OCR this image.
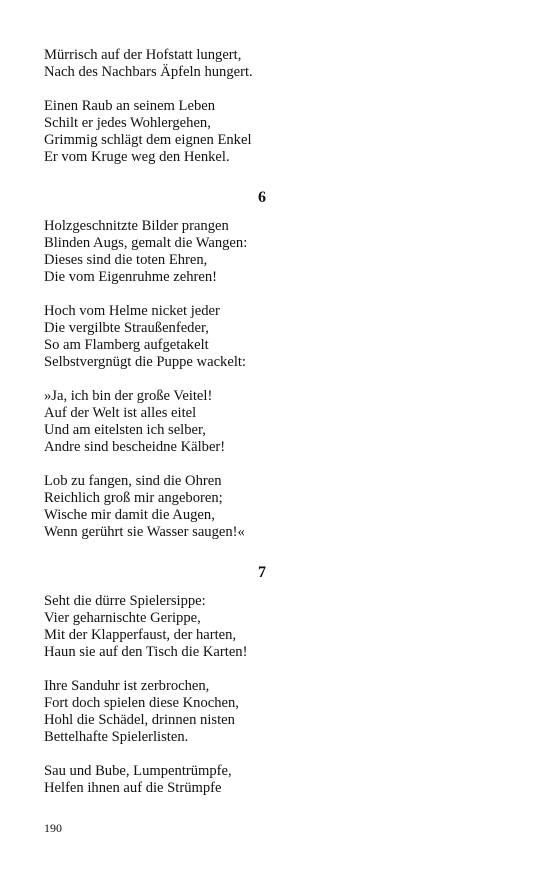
Mürrisch auf der Hofstatt lungert,
Nach des Nachbars Äpfeln hungert.
Einen Raub an seinem Leben
Schilt er jedes Wohlergehen,
Grimmig schlägt dem eignen Enkel
Er vom Kruge weg den Henkel.
6
Holzgeschnitzte Bilder prangen
Blinden Augs, gemalt die Wangen:
Dieses sind die toten Ehren,
Die vom Eigenruhme zehren!
Hoch vom Helme nicket jeder
Die vergilbte Straußenfeder,
So am Flamberg aufgetakelt
Selbstvergnügt die Puppe wackelt:
»Ja, ich bin der große Veitel!
Auf der Welt ist alles eitel
Und am eitelsten ich selber,
Andre sind bescheidne Kälber!
Lob zu fangen, sind die Ohren
Reichlich groß mir angeboren;
Wische mir damit die Augen,
Wenn gerührt sie Wasser saugen!«
7
Seht die dürre Spielersippe:
Vier geharnischte Gerippe,
Mit der Klapperfaust, der harten,
Haun sie auf den Tisch die Karten!
Ihre Sanduhr ist zerbrochen,
Fort doch spielen diese Knochen,
Hohl die Schädel, drinnen nisten
Bettelhafte Spielerlisten.
Sau und Bube, Lumpentrümpfe,
Helfen ihnen auf die Strümpfe
190
